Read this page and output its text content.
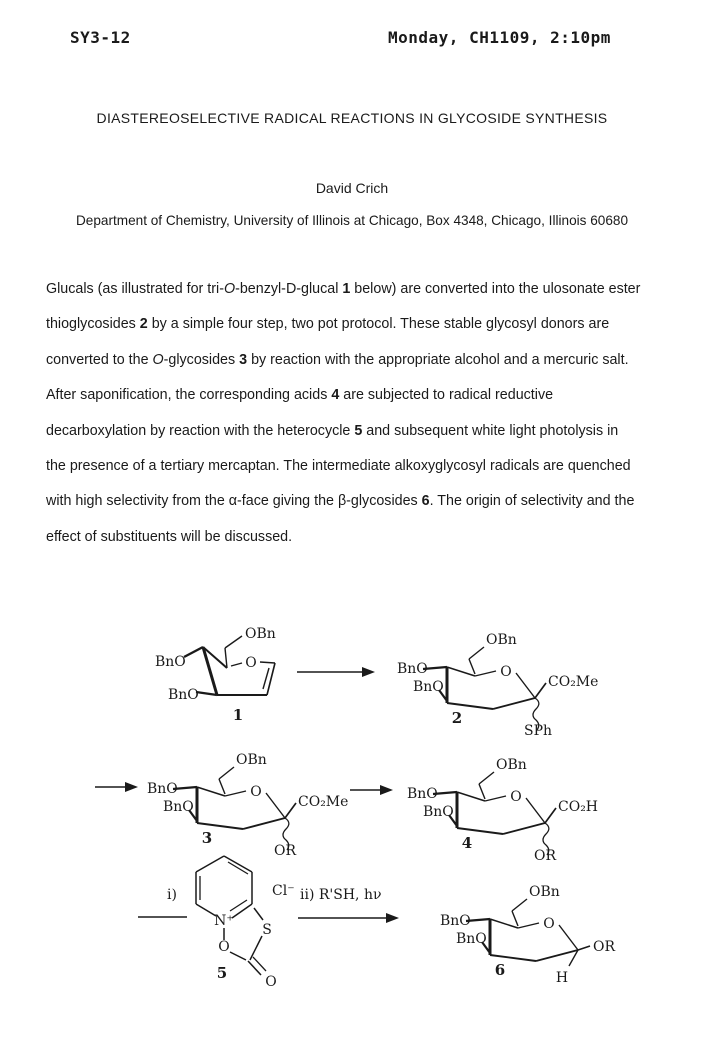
SY3-12	Monday, CH1109, 2:10pm
DIASTEREOSELECTIVE RADICAL REACTIONS IN GLYCOSIDE SYNTHESIS
David Crich
Department of Chemistry, University of Illinois at Chicago, Box 4348, Chicago, Illinois 60680
Glucals (as illustrated for tri-O-benzyl-D-glucal 1 below) are converted into the ulosonate ester
thioglycosides 2 by a simple four step, two pot protocol. These stable glycosyl donors are
converted to the O-glycosides 3 by reaction with the appropriate alcohol and a mercuric salt.
After saponification, the corresponding acids 4 are subjected to radical reductive
decarboxylation by reaction with the heterocycle 5 and subsequent white light photolysis in
the presence of a tertiary mercaptan. The intermediate alkoxyglycosyl radicals are quenched
with high selectivity from the α-face giving the β-glycosides 6. The origin of selectivity and the
effect of substituents will be discussed.
OBn
BnO	O
BnO
1
OBn
BnO	O
BnO	CO₂Me
SPh
2
OBn
BnO	O
BnO	CO₂Me
OR
3
OBn
BnO	O
BnO	CO₂H
OR
4
i)
N⁺
O
S
O
Cl⁻
5
ii) R'SH, hν	OBn
BnO	O
BnO	OR
H
6
